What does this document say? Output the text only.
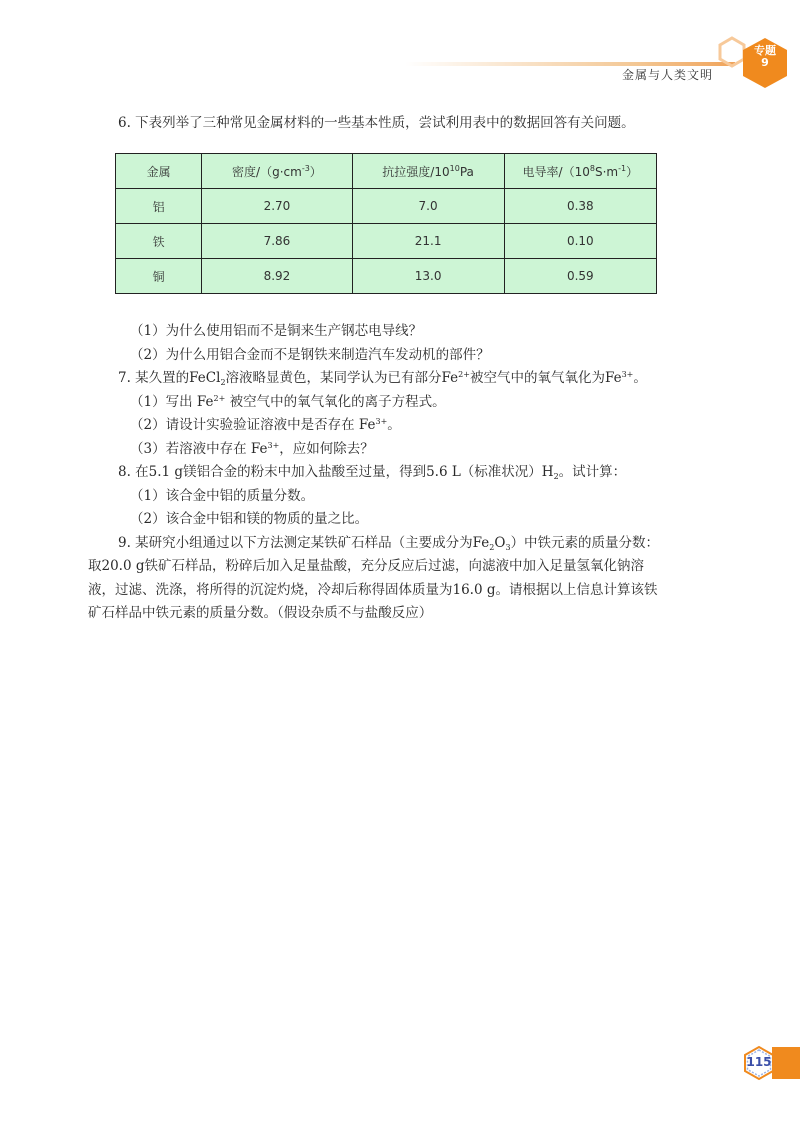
专题
9
金属与人类文明

6. 下表列举了三种常见金属材料的一些基本性质，尝试利用表中的数据回答有关问题。

金属	密度$/(g\cdot cm^{-3})$	抗拉强度$/10^{10}Pa$	电导率$/(10^8S\cdot m^{-1})$
铝	2.70	7.0	0.38
铁	7.86	21.1	0.10
铜	8.92	13.0	0.59

（1）为什么使用铝而不是铜来生产钢芯电导线？

（2）为什么用铝合金而不是钢铁来制造汽车发动机的部件？

7. 某久置的FeCl$_2$溶液略显黄色，某同学认为已有部分$Fe^{2+}$被空气中的氧气氧化为$Fe^{3+}$。

（1）写出 $Fe^{2+}$ 被空气中的氧气氧化的离子方程式。

（2）请设计实验验证溶液中是否存在 $Fe^{3+}$。

（3）若溶液中存在 $Fe^{3+}$，应如何除去？

8. 在5.1 g镁铝合金的粉末中加入盐酸至过量，得到5.6 L（标准状况）$H_2$。试计算：

（1）该合金中铝的质量分数。

（2）该合金中铝和镁的物质的量之比。

9. 某研究小组通过以下方法测定某铁矿石样品（主要成分为$Fe_2O_3$）中铁元素的质量分数：

取20.0 g铁矿石样品，粉碎后加入足量盐酸，充分反应后过滤，向滤液中加入足量氢氧化钠溶

液，过滤、洗涤，将所得的沉淀灼烧，冷却后称得固体质量为16.0 g。请根据以上信息计算该铁

矿石样品中铁元素的质量分数。（假设杂质不与盐酸反应）

115
